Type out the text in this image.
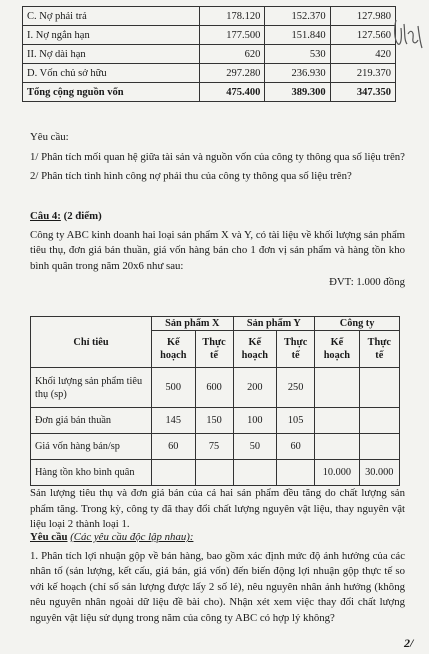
C. Nợ phải trả	178.120	152.370	127.980
I. Nợ ngắn hạn	177.500	151.840	127.560
II. Nợ dài hạn	620	530	420
D. Vốn chủ sở hữu	297.280	236.930	219.370
Tổng cộng nguồn vốn	475.400	389.300	347.350
Yêu cầu:
1/ Phân tích mối quan hệ giữa tài sản và nguồn vốn của công ty thông qua số liệu trên?
2/ Phân tích tình hình công nợ phải thu của công ty thông qua số liệu trên?
Câu 4: (2 điểm)
Công ty ABC kinh doanh hai loại sản phẩm X và Y, có tài liệu về khối lượng sản phẩm tiêu thụ, đơn giá bán thuần, giá vốn hàng bán cho 1 đơn vị sản phẩm và hàng tồn kho bình quân trong năm 20x6 như sau:
ĐVT: 1.000 đồng
Chỉ tiêu	Sản phẩm X		Sản phẩm Y		Công ty	
	Kế hoạch	Thực tế	Kế hoạch	Thực tế	Kế hoạch	Thực tế
Khối lượng sản phẩm tiêu thụ (sp)	500	600	200	250		
Đơn giá bán thuần	145	150	100	105		
Giá vốn hàng bán/sp	60	75	50	60		
Hàng tồn kho bình quân					10.000	30.000
Sản lượng tiêu thụ và đơn giá bán của cả hai sản phẩm đều tăng do chất lượng sản phẩm tăng. Trong kỳ, công ty đã thay đổi chất lượng nguyên vật liệu, thay nguyên vật liệu loại 2 thành loại 1.
Yêu cầu (Các yêu cầu độc lập nhau):
1. Phân tích lợi nhuận gộp về bán hàng, bao gồm xác định mức độ ảnh hưởng của các nhân tố (sản lượng, kết cấu, giá bán, giá vốn) đến biến động lợi nhuận gộp thực tế so với kế hoạch (chỉ số sản lượng được lấy 2 số lẻ), nêu nguyên nhân ảnh hưởng (không nêu nguyên nhân ngoài dữ liệu đề bài cho). Nhận xét xem việc thay đổi chất lượng nguyên vật liệu sử dụng trong năm của công ty ABC có hợp lý không?
2/
